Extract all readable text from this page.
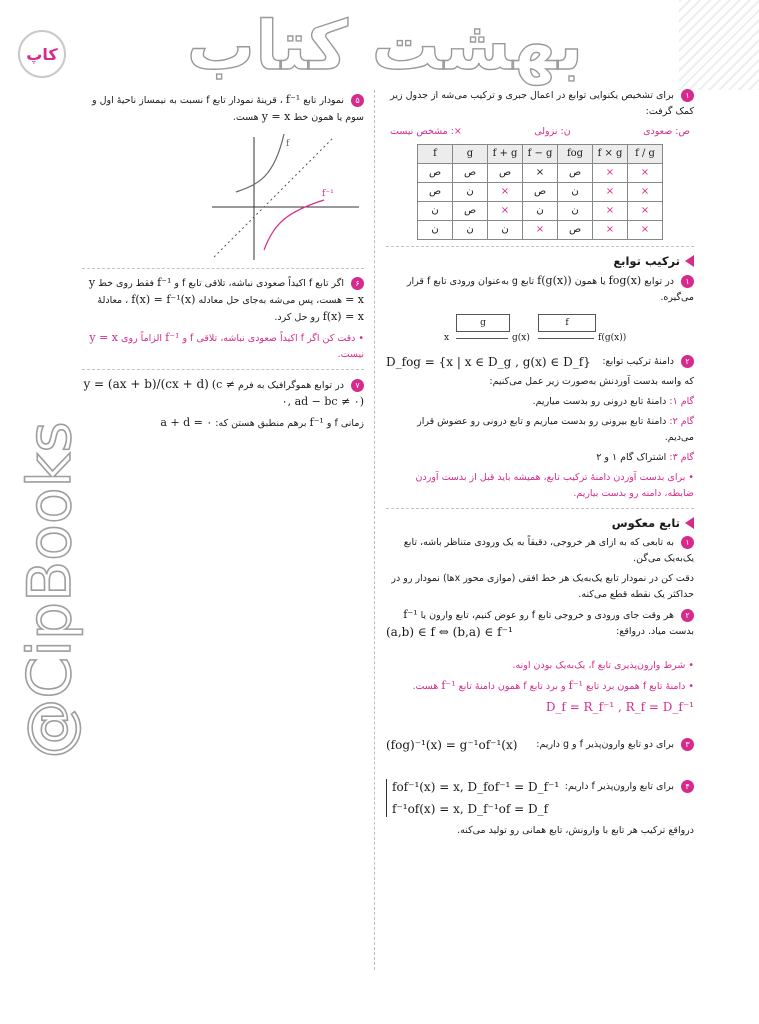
کاپ بهشت کتاب
@CipBooks
۱ برای تشخیص یکنوایی توابع در اعمال جبری و ترکیب می‌شه از جدول زیر کمک گرفت:
ص: صعودی
ن: نزولی
×: مشخص نیست
f	g	f + g	f − g	fog	f × g	f / g
ص	ص	ص	×	ص	×	×
ص	ن	×	ص	ن	×	×
ن	ص	×	ن	ن	×	×
ن	ن	ن	×	ص	×	×
ترکیب توابع
۱ در توابع fog(x) یا همون f(g(x)) تابع g به‌عنوان ورودی تابع f قرار می‌گیره.
x
g
g(x)
f
f(g(x))
۲ دامنهٔ ترکیب توابع:
D_fog = {x | x ∈ D_g , g(x) ∈ D_f}
که واسه بدست آوردنش به‌صورت زیر عمل می‌کنیم:
گام ۱: دامنهٔ تابع درونی رو بدست میاریم.
گام ۲: دامنهٔ تابع بیرونی رو بدست میاریم و تابع درونی رو عضوش قرار می‌دیم.
گام ۳: اشتراک گام ۱ و ۲
• برای بدست آوردن دامنهٔ ترکیب تابع، همیشه باید قبل از بدست آوردن ضابطه، دامنه رو بدست بیاریم.
تابع معکوس
۱ به تابعی که به ازای هر خروجی، دقیقاً به یک ورودی متناظر باشه، تابع یک‌به‌یک می‌گن.
دقت کن در نمودار تابع یک‌به‌یک هر خط افقی (موازی محور xها) نمودار رو در حداکثر یک نقطه قطع می‌کنه.
۲ هر وقت جای ورودی و خروجی تابع f رو عوض کنیم، تابع وارون یا f⁻¹ بدست میاد. درواقع:
(a,b) ∈ f ⇔ (b,a) ∈ f⁻¹
• شرط وارون‌پذیری تابع f، یک‌به‌یک بودن اونه.
• دامنهٔ تابع f همون برد تابع f⁻¹ و برد تابع f همون دامنهٔ تابع f⁻¹ هست.
D_f = R_f⁻¹ , R_f = D_f⁻¹
۳ برای دو تابع وارون‌پذیر f و g داریم:
(fog)⁻¹(x) = g⁻¹of⁻¹(x)
۴ برای تابع وارون‌پذیر f داریم:
fof⁻¹(x) = x, D_fof⁻¹ = D_f⁻¹
f⁻¹of(x) = x, D_f⁻¹of = D_f
درواقع ترکیب هر تابع با وارونش، تابع همانی رو تولید می‌کنه.
۵ نمودار تابع f⁻¹ ، قرینهٔ نمودار تابع f نسبت به نیمساز ناحیهٔ اول و سوم یا همون خط y = x هست.
f
f⁻¹
۶ اگر تابع f اکیداً صعودی نباشه، تلاقی تابع f و f⁻¹ فقط روی خط y = x هست، پس می‌شه به‌جای حل معادله f(x) = f⁻¹(x) ، معادلهٔ f(x) = x رو حل کرد.
• دقت کن اگر f اکیداً صعودی نباشه، تلاقی f و f⁻¹ الزاماً روی y = x نیست.
۷ در توابع هموگرافیک به فرم y = (ax + b)/(cx + d) (c ≠ ۰, ad − bc ≠ ۰)
زمانی f و f⁻¹ برهم منطبق هستن که: a + d = ۰
